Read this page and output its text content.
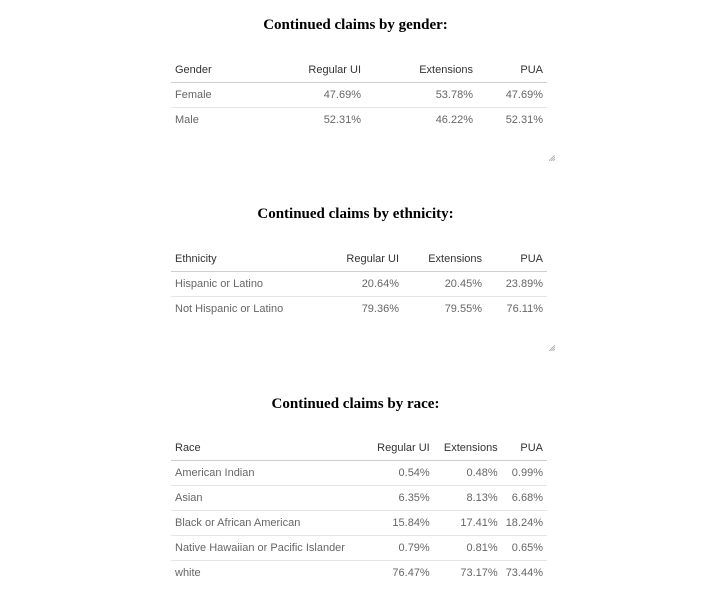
Continued claims by gender:
Gender	Regular UI	Extensions	PUA
Female	47.69%	53.78%	47.69%
Male	52.31%	46.22%	52.31%
Continued claims by ethnicity:
Ethnicity	Regular UI	Extensions	PUA
Hispanic or Latino	20.64%	20.45%	23.89%
Not Hispanic or Latino	79.36%	79.55%	76.11%
Continued claims by race:
Race	Regular UI	Extensions	PUA
American Indian	0.54%	0.48%	0.99%
Asian	6.35%	8.13%	6.68%
Black or African American	15.84%	17.41%	18.24%
Native Hawaiian or Pacific Islander	0.79%	0.81%	0.65%
white	76.47%	73.17%	73.44%
